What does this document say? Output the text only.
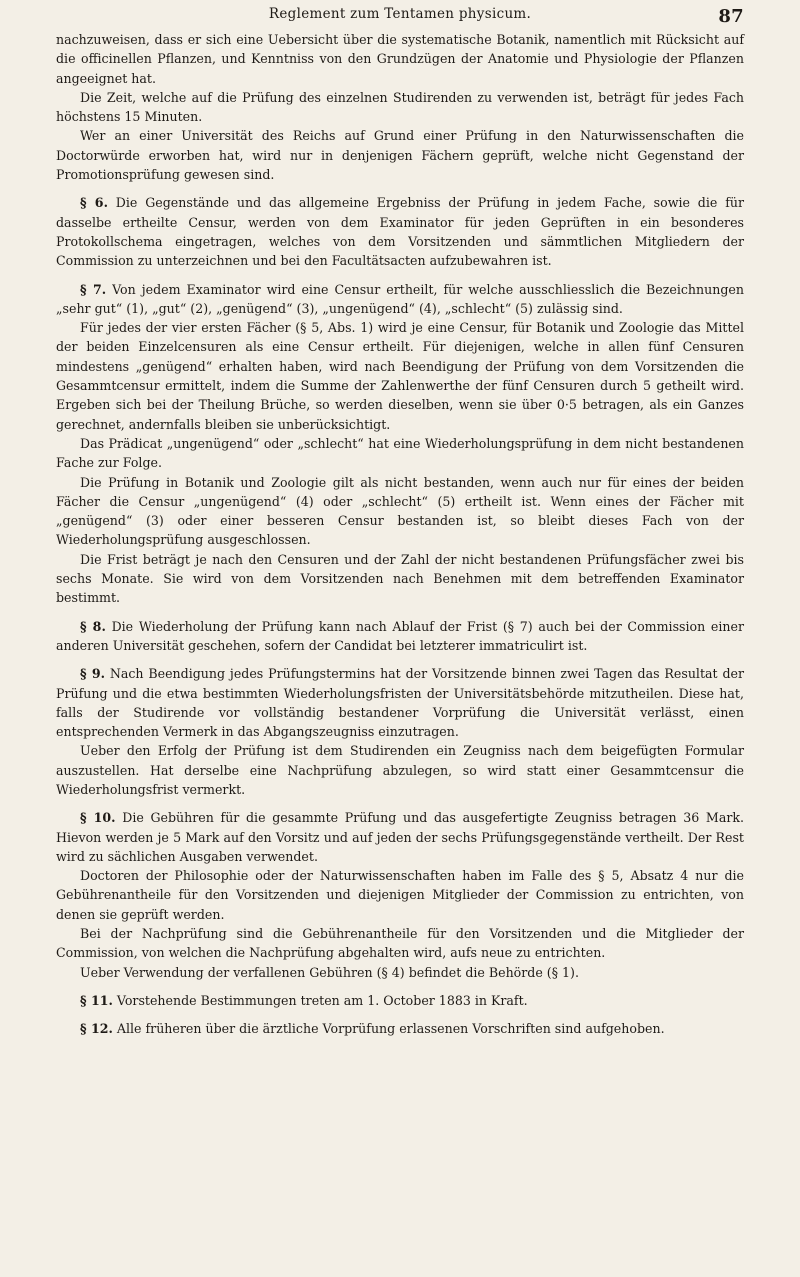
Reglement zum Tentamen physicum.	87

nachzuweisen, dass er sich eine Uebersicht über die systematische Botanik, namentlich mit Rücksicht auf die officinellen Pflanzen, und Kenntniss von den Grundzügen der Anatomie und Physiologie der Pflanzen angeeignet hat.

Die Zeit, welche auf die Prüfung des einzelnen Studirenden zu verwenden ist, beträgt für jedes Fach höchstens 15 Minuten.

Wer an einer Universität des Reichs auf Grund einer Prüfung in den Naturwissenschaften die Doctorwürde erworben hat, wird nur in denjenigen Fächern geprüft, welche nicht Gegenstand der Promotionsprüfung gewesen sind.

§ 6. Die Gegenstände und das allgemeine Ergebniss der Prüfung in jedem Fache, sowie die für dasselbe ertheilte Censur, werden von dem Examinator für jeden Geprüften in ein besonderes Protokollschema eingetragen, welches von dem Vorsitzenden und sämmtlichen Mitgliedern der Commission zu unterzeichnen und bei den Facultätsacten aufzubewahren ist.

§ 7. Von jedem Examinator wird eine Censur ertheilt, für welche ausschliesslich die Bezeichnungen „sehr gut“ (1), „gut“ (2), „genügend“ (3), „ungenügend“ (4), „schlecht“ (5) zulässig sind.

Für jedes der vier ersten Fächer (§ 5, Abs. 1) wird je eine Censur, für Botanik und Zoologie das Mittel der beiden Einzelcensuren als eine Censur ertheilt. Für diejenigen, welche in allen fünf Censuren mindestens „genügend“ erhalten haben, wird nach Beendigung der Prüfung von dem Vorsitzenden die Gesammtcensur ermittelt, indem die Summe der Zahlenwerthe der fünf Censuren durch 5 getheilt wird. Ergeben sich bei der Theilung Brüche, so werden dieselben, wenn sie über 0·5 betragen, als ein Ganzes gerechnet, andernfalls bleiben sie unberücksichtigt.

Das Prädicat „ungenügend“ oder „schlecht“ hat eine Wiederholungsprüfung in dem nicht bestandenen Fache zur Folge.

Die Prüfung in Botanik und Zoologie gilt als nicht bestanden, wenn auch nur für eines der beiden Fächer die Censur „ungenügend“ (4) oder „schlecht“ (5) ertheilt ist. Wenn eines der Fächer mit „genügend“ (3) oder einer besseren Censur bestanden ist, so bleibt dieses Fach von der Wiederholungsprüfung ausgeschlossen.

Die Frist beträgt je nach den Censuren und der Zahl der nicht bestandenen Prüfungsfächer zwei bis sechs Monate. Sie wird von dem Vorsitzenden nach Benehmen mit dem betreffenden Examinator bestimmt.

§ 8. Die Wiederholung der Prüfung kann nach Ablauf der Frist (§ 7) auch bei der Commission einer anderen Universität geschehen, sofern der Candidat bei letzterer immatriculirt ist.

§ 9. Nach Beendigung jedes Prüfungstermins hat der Vorsitzende binnen zwei Tagen das Resultat der Prüfung und die etwa bestimmten Wiederholungsfristen der Universitätsbehörde mitzutheilen. Diese hat, falls der Studirende vor vollständig bestandener Vorprüfung die Universität verlässt, einen entsprechenden Vermerk in das Abgangszeugniss einzutragen.

Ueber den Erfolg der Prüfung ist dem Studirenden ein Zeugniss nach dem beigefügten Formular auszustellen. Hat derselbe eine Nachprüfung abzulegen, so wird statt einer Gesammtcensur die Wiederholungsfrist vermerkt.

§ 10. Die Gebühren für die gesammte Prüfung und das ausgefertigte Zeugniss betragen 36 Mark. Hievon werden je 5 Mark auf den Vorsitz und auf jeden der sechs Prüfungsgegenstände vertheilt. Der Rest wird zu sächlichen Ausgaben verwendet.

Doctoren der Philosophie oder der Naturwissenschaften haben im Falle des § 5, Absatz 4 nur die Gebührenantheile für den Vorsitzenden und diejenigen Mitglieder der Commission zu entrichten, von denen sie geprüft werden.

Bei der Nachprüfung sind die Gebührenantheile für den Vorsitzenden und die Mitglieder der Commission, von welchen die Nachprüfung abgehalten wird, aufs neue zu entrichten.

Ueber Verwendung der verfallenen Gebühren (§ 4) befindet die Behörde (§ 1).

§ 11. Vorstehende Bestimmungen treten am 1. October 1883 in Kraft.

§ 12. Alle früheren über die ärztliche Vorprüfung erlassenen Vorschriften sind aufgehoben.
